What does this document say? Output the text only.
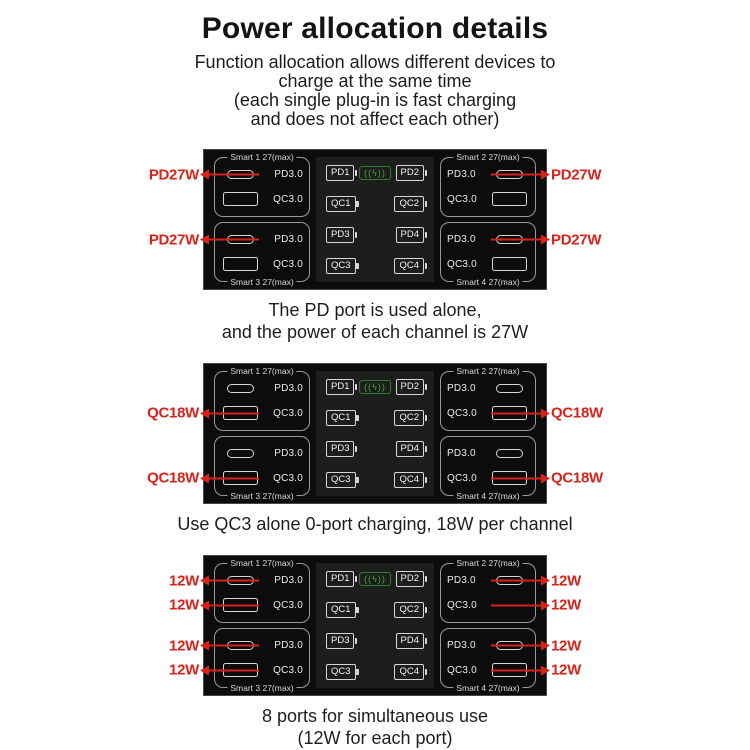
Power allocation details
Function allocation allows different devices to
charge at the same time
(each single plug-in is fast charging
and does not affect each other)
Smart 1 27(max)
PD3.0
PD27W
QC3.0
Smart 3 27(max)
PD3.0
PD27W
QC3.0
PD1	((ϟ))	PD2
QC1	QC2
PD3	PD4
QC3	QC4
Smart 2 27(max)
PD3.0	PD27W
QC3.0
Smart 4 27(max)
PD3.0	PD27W
QC3.0
The PD port is used alone,
and the power of each channel is 27W
Smart 1 27(max)
PD3.0
QC3.0
QC18W
Smart 3 27(max)
PD3.0
QC3.0
QC18W
PD1	((ϟ))	PD2
QC1	QC2
PD3	PD4
QC3	QC4
Smart 2 27(max)
PD3.0
QC3.0	QC18W
Smart 4 27(max)
PD3.0
QC3.0	QC18W
Use QC3 alone 0-port charging, 18W per channel
Smart 1 27(max)
PD3.0
12W
QC3.0
12W
Smart 3 27(max)
PD3.0
12W
QC3.0
12W
PD1	((ϟ))	PD2
QC1	QC2
PD3	PD4
QC3	QC4
Smart 2 27(max)
PD3.0	12W
QC3.0	12W
Smart 4 27(max)
PD3.0	12W
QC3.0	12W
8 ports for simultaneous use
(12W for each port)
